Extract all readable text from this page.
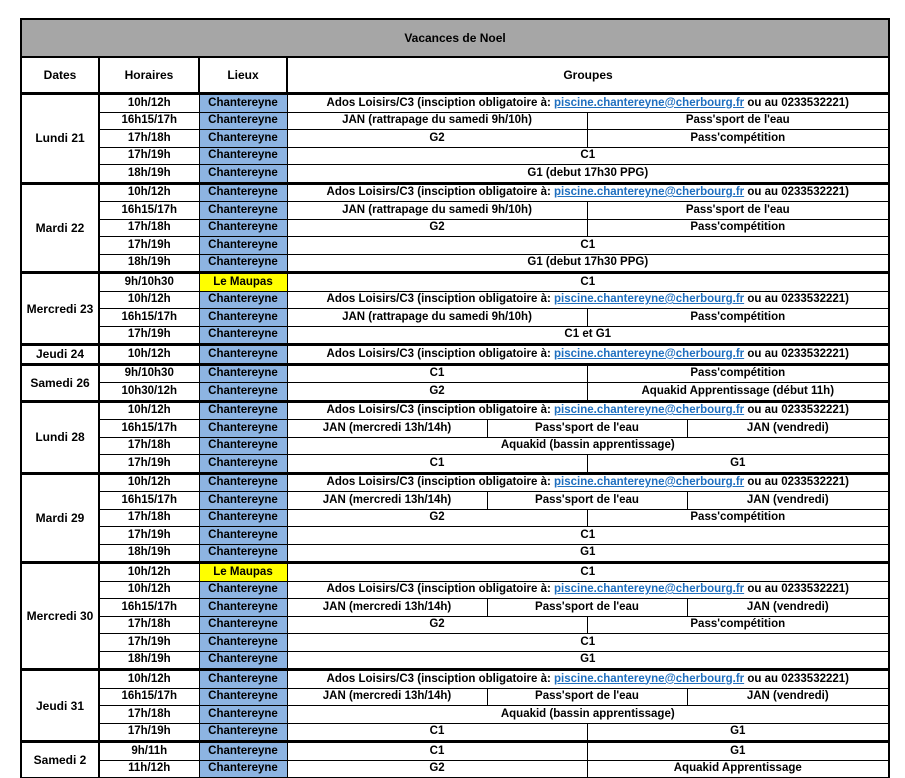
Vacances de Noel						
Dates	Horaires	Lieux	Groupes			
Lundi 21	10h/12h	Chantereyne	Ados Loisirs/C3 (insciption obligatoire à: piscine.chantereyne@cherbourg.fr ou au 0233532221)			
	16h15/17h	Chantereyne	JAN (rattrapage du samedi 9h/10h)		Pass'sport de l'eau	
	17h/18h	Chantereyne	G2		Pass'compétition	
	17h/19h	Chantereyne	C1			
	18h/19h	Chantereyne	G1 (debut 17h30 PPG)			
Mardi 22	10h/12h	Chantereyne	Ados Loisirs/C3 (insciption obligatoire à: piscine.chantereyne@cherbourg.fr ou au 0233532221)			
	16h15/17h	Chantereyne	JAN (rattrapage du samedi 9h/10h)		Pass'sport de l'eau	
	17h/18h	Chantereyne	G2		Pass'compétition	
	17h/19h	Chantereyne	C1			
	18h/19h	Chantereyne	G1 (debut 17h30 PPG)			
Mercredi 23	9h/10h30	Le Maupas	C1			
	10h/12h	Chantereyne	Ados Loisirs/C3 (insciption obligatoire à: piscine.chantereyne@cherbourg.fr ou au 0233532221)			
	16h15/17h	Chantereyne	JAN (rattrapage du samedi 9h/10h)		Pass'compétition	
	17h/19h	Chantereyne	C1 et G1			
Jeudi 24	10h/12h	Chantereyne	Ados Loisirs/C3 (insciption obligatoire à: piscine.chantereyne@cherbourg.fr ou au 0233532221)			
Samedi 26	9h/10h30	Chantereyne	C1		Pass'compétition	
	10h30/12h	Chantereyne	G2		Aquakid Apprentissage (début 11h)	
Lundi 28	10h/12h	Chantereyne	Ados Loisirs/C3 (insciption obligatoire à: piscine.chantereyne@cherbourg.fr ou au 0233532221)			
	16h15/17h	Chantereyne	JAN (mercredi 13h/14h)	Pass'sport de l'eau		JAN (vendredi)
	17h/18h	Chantereyne	Aquakid (bassin apprentissage)			
	17h/19h	Chantereyne	C1		G1	
Mardi 29	10h/12h	Chantereyne	Ados Loisirs/C3 (insciption obligatoire à: piscine.chantereyne@cherbourg.fr ou au 0233532221)			
	16h15/17h	Chantereyne	JAN (mercredi 13h/14h)	Pass'sport de l'eau		JAN (vendredi)
	17h/18h	Chantereyne	G2		Pass'compétition	
	17h/19h	Chantereyne	C1			
	18h/19h	Chantereyne	G1			
Mercredi 30	10h/12h	Le Maupas	C1			
	10h/12h	Chantereyne	Ados Loisirs/C3 (insciption obligatoire à: piscine.chantereyne@cherbourg.fr ou au 0233532221)			
	16h15/17h	Chantereyne	JAN (mercredi 13h/14h)	Pass'sport de l'eau		JAN (vendredi)
	17h/18h	Chantereyne	G2		Pass'compétition	
	17h/19h	Chantereyne	C1			
	18h/19h	Chantereyne	G1			
Jeudi 31	10h/12h	Chantereyne	Ados Loisirs/C3 (insciption obligatoire à: piscine.chantereyne@cherbourg.fr ou au 0233532221)			
	16h15/17h	Chantereyne	JAN (mercredi 13h/14h)	Pass'sport de l'eau		JAN (vendredi)
	17h/18h	Chantereyne	Aquakid (bassin apprentissage)			
	17h/19h	Chantereyne	C1		G1	
Samedi 2	9h/11h	Chantereyne	C1		G1	
	11h/12h	Chantereyne	G2		Aquakid Apprentissage	
